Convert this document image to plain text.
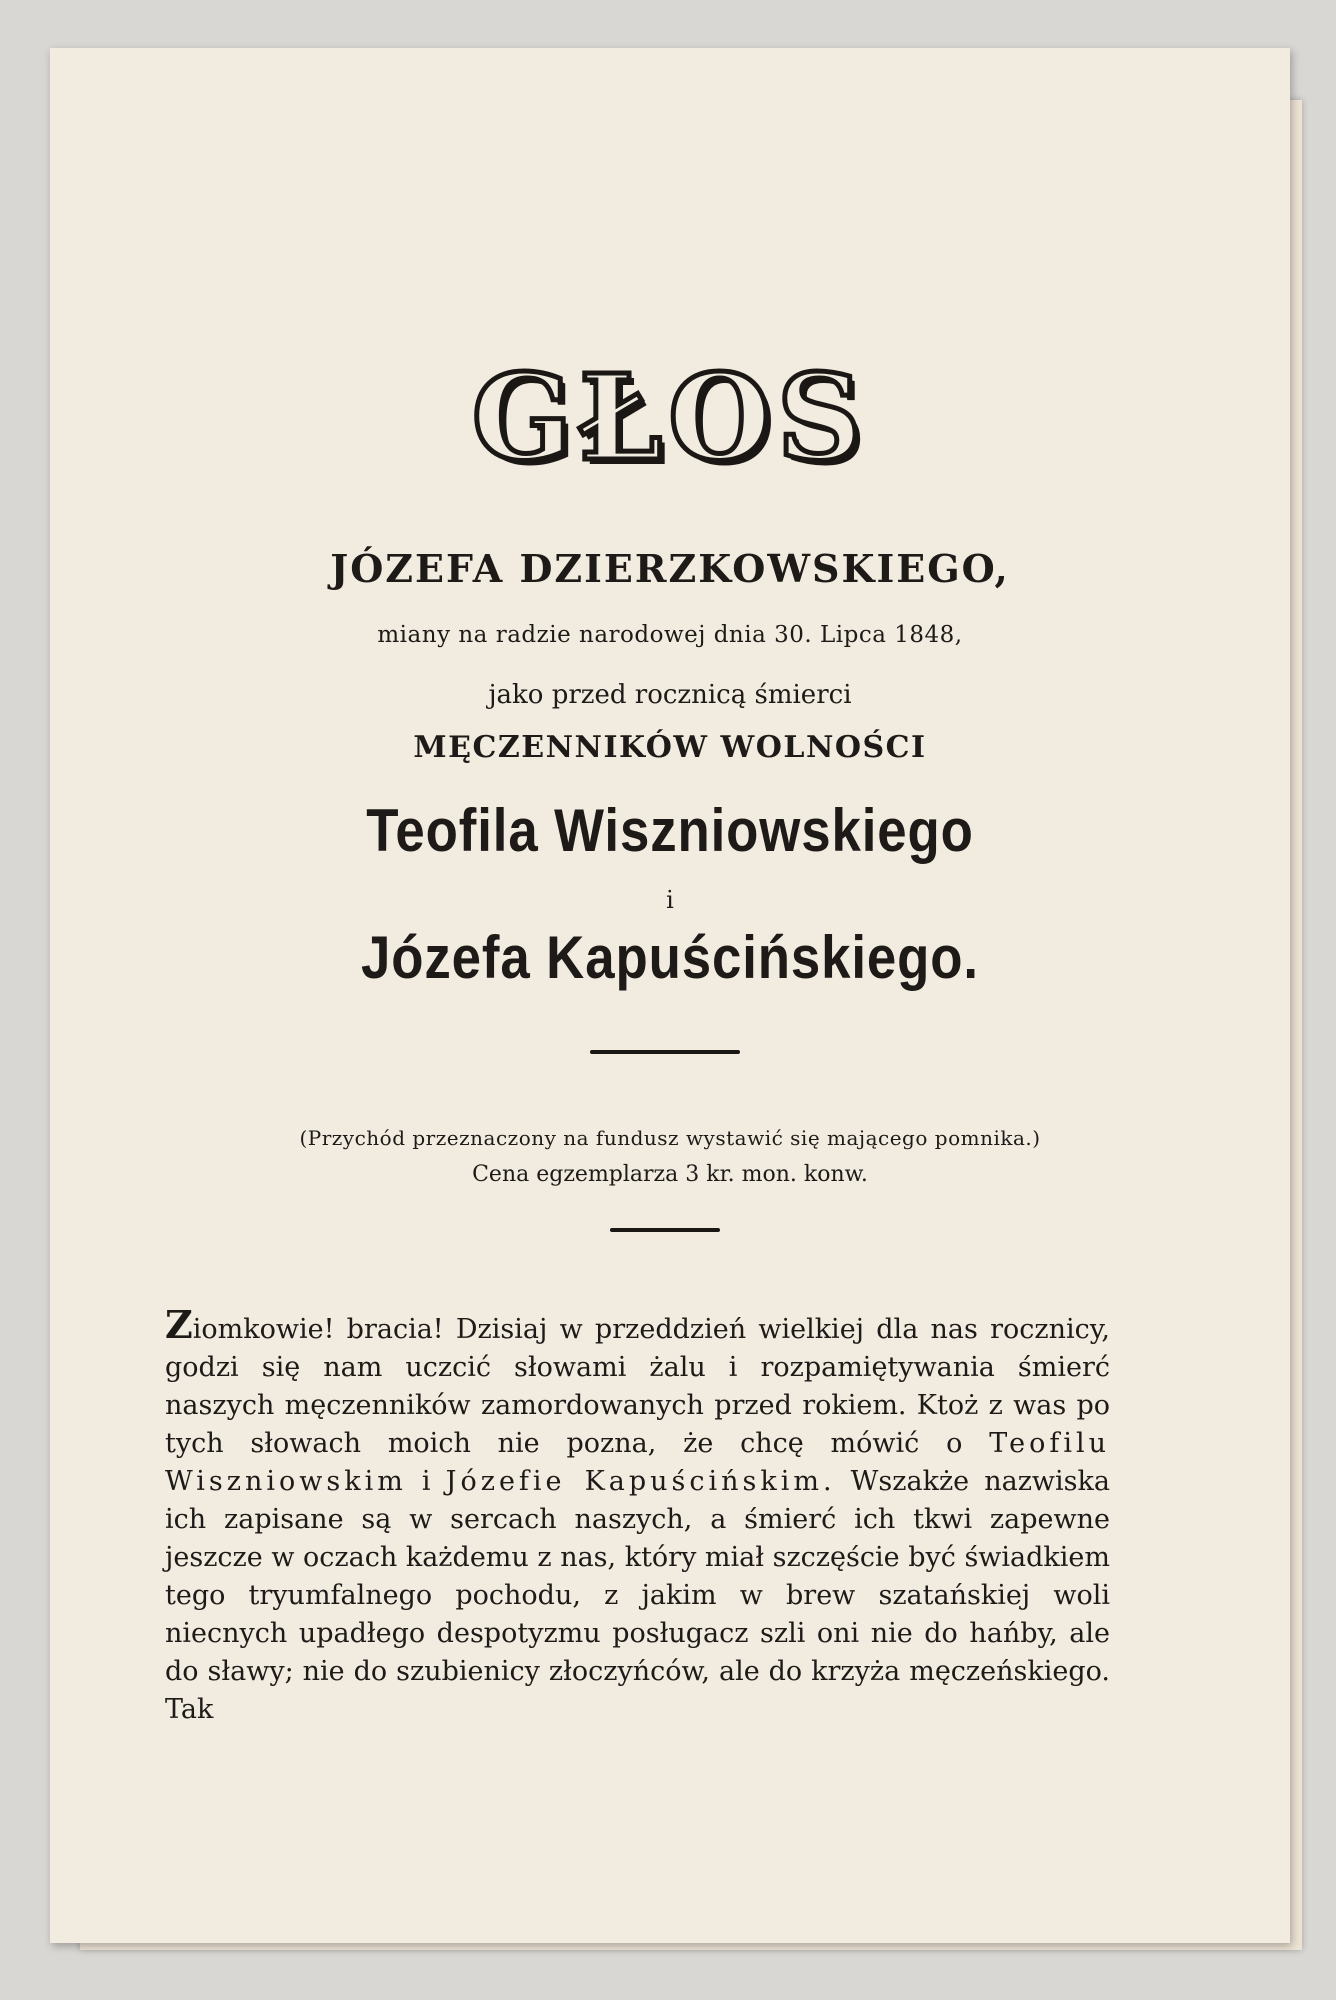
GŁOS
JÓZEFA DZIERZKOWSKIEGO,
miany na radzie narodowej dnia 30. Lipca 1848,
jako przed rocznicą śmierci
MĘCZENNIKÓW WOLNOŚCI
Teofila Wiszniowskiego
i
Józefa Kapuścińskiego.
(Przychód przeznaczony na fundusz wystawić się mającego pomnika.)
Cena egzemplarza 3 kr. mon. konw.

Ziomkowie! bracia! Dzisiaj w przeddzień wielkiej dla nas rocznicy, godzi się nam uczcić słowami żalu i rozpamiętywania śmierć naszych męczenników zamordowanych przed rokiem. Ktoż z was po tych słowach moich nie pozna, że chcę mówić o Teofilu Wiszniowskim i Józefie Kapuścińskim. Wszakże nazwiska ich zapisane są w sercach naszych, a śmierć ich tkwi zapewne jeszcze w oczach każdemu z nas, który miał szczęście być świadkiem tego tryumfalnego pochodu, z jakim w brew szatańskiej woli niecnych upadłego despotyzmu posługacz szli oni nie do hańby, ale do sławy; nie do szubienicy złoczyńców, ale do krzyża męczeńskiego. Tak
